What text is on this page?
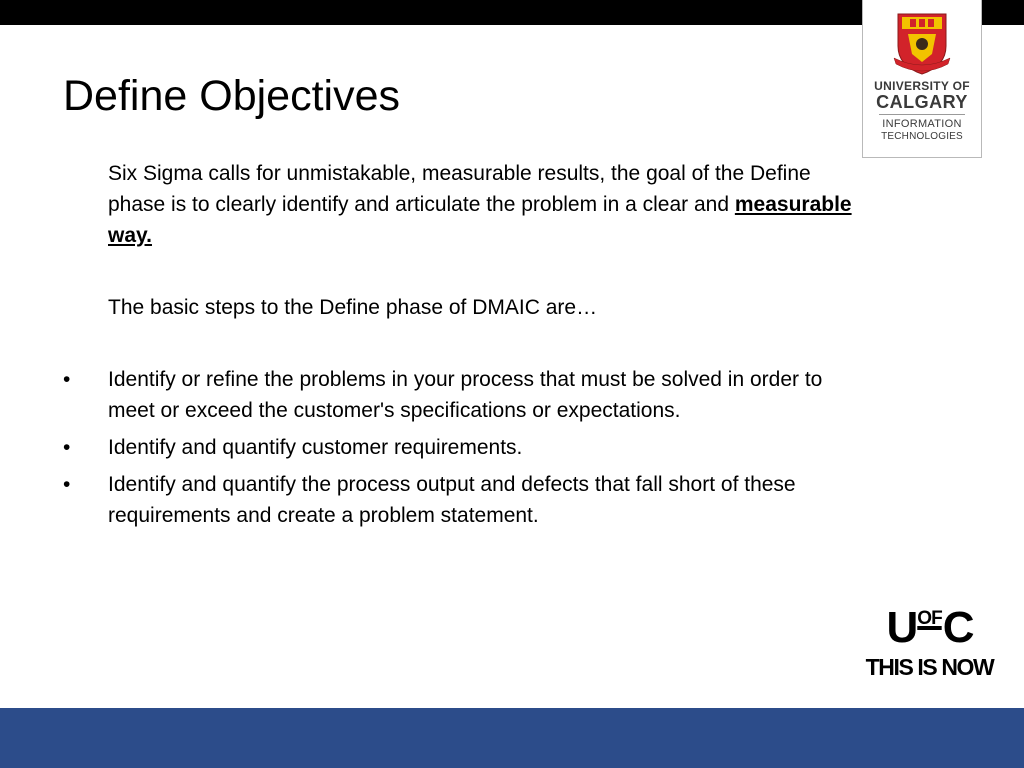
UNIVERSITY OF
CALGARY
INFORMATION
TECHNOLOGIES
Define Objectives

Six Sigma calls for unmistakable, measurable results, the goal of the Define phase is to clearly identify and articulate the problem in a clear and measurable way.

The basic steps to the Define phase of DMAIC are…

• Identify or refine the problems in your process that must be solved in order to meet or exceed the customer's specifications or expectations.
• Identify and quantify customer requirements.
• Identify and quantify the process output and defects that fall short of these requirements and create a problem statement.
UOFC
THIS IS NOW
